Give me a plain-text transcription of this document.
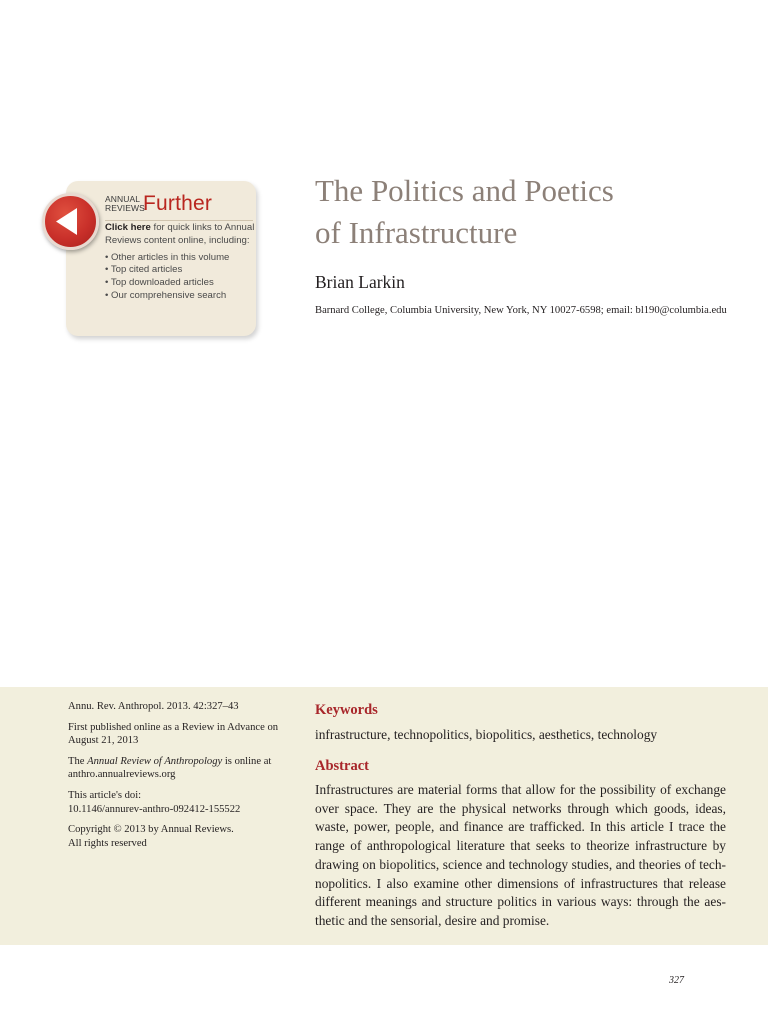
ANNUAL
REVIEWS
Further
Click here for quick links to Annual Reviews content online, including:
• Other articles in this volume
• Top cited articles
• Top downloaded articles
• Our comprehensive search
The Politics and Poetics
of Infrastructure
Brian Larkin
Barnard College, Columbia University, New York, NY 10027-6598; email: bl190@columbia.edu

Annu. Rev. Anthropol. 2013. 42:327–43

First published online as a Review in Advance on August 21, 2013

The Annual Review of Anthropology is online at anthro.annualreviews.org

This article's doi:
10.1146/annurev-anthro-092412-155522

Copyright © 2013 by Annual Reviews.
All rights reserved

Keywords
infrastructure, technopolitics, biopolitics, aesthetics, technology
Abstract
Infrastructures are material forms that allow for the possibility of exchange
over space. They are the physical networks through which goods, ideas,
waste, power, people, and finance are trafficked. In this article I trace the
range of anthropological literature that seeks to theorize infrastructure by
drawing on biopolitics, science and technology studies, and theories of tech-
nopolitics. I also examine other dimensions of infrastructures that release
different meanings and structure politics in various ways: through the aes-
thetic and the sensorial, desire and promise.
327
